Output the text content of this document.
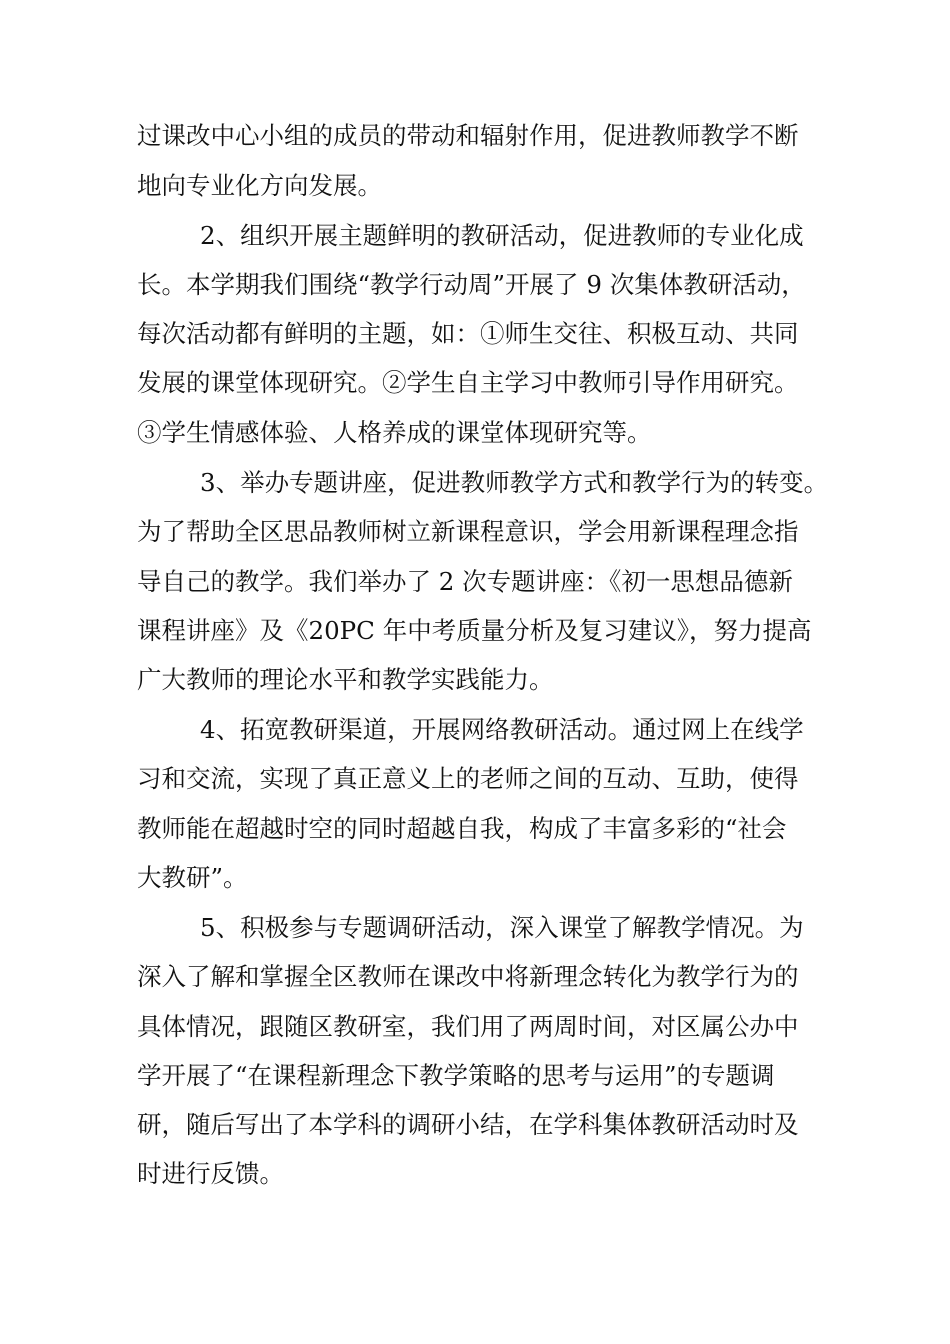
过课改中心小组的成员的带动和辐射作用，促进教师教学不断
地向专业化方向发展。
2、组织开展主题鲜明的教研活动，促进教师的专业化成
长。本学期我们围绕“教学行动周”开展了 9 次集体教研活动，
每次活动都有鲜明的主题，如：①师生交往、积极互动、共同
发展的课堂体现研究。②学生自主学习中教师引导作用研究。
③学生情感体验、人格养成的课堂体现研究等。
3、举办专题讲座，促进教师教学方式和教学行为的转变。
为了帮助全区思品教师树立新课程意识，学会用新课程理念指
导自己的教学。我们举办了 2 次专题讲座：《初一思想品德新
课程讲座》及《20PC 年中考质量分析及复习建议》，努力提高
广大教师的理论水平和教学实践能力。
4、拓宽教研渠道，开展网络教研活动。通过网上在线学
习和交流，实现了真正意义上的老师之间的互动、互助，使得
教师能在超越时空的同时超越自我，构成了丰富多彩的“社会
大教研”。
5、积极参与专题调研活动，深入课堂了解教学情况。为
深入了解和掌握全区教师在课改中将新理念转化为教学行为的
具体情况，跟随区教研室，我们用了两周时间，对区属公办中
学开展了“在课程新理念下教学策略的思考与运用”的专题调
研，随后写出了本学科的调研小结，在学科集体教研活动时及
时进行反馈。
